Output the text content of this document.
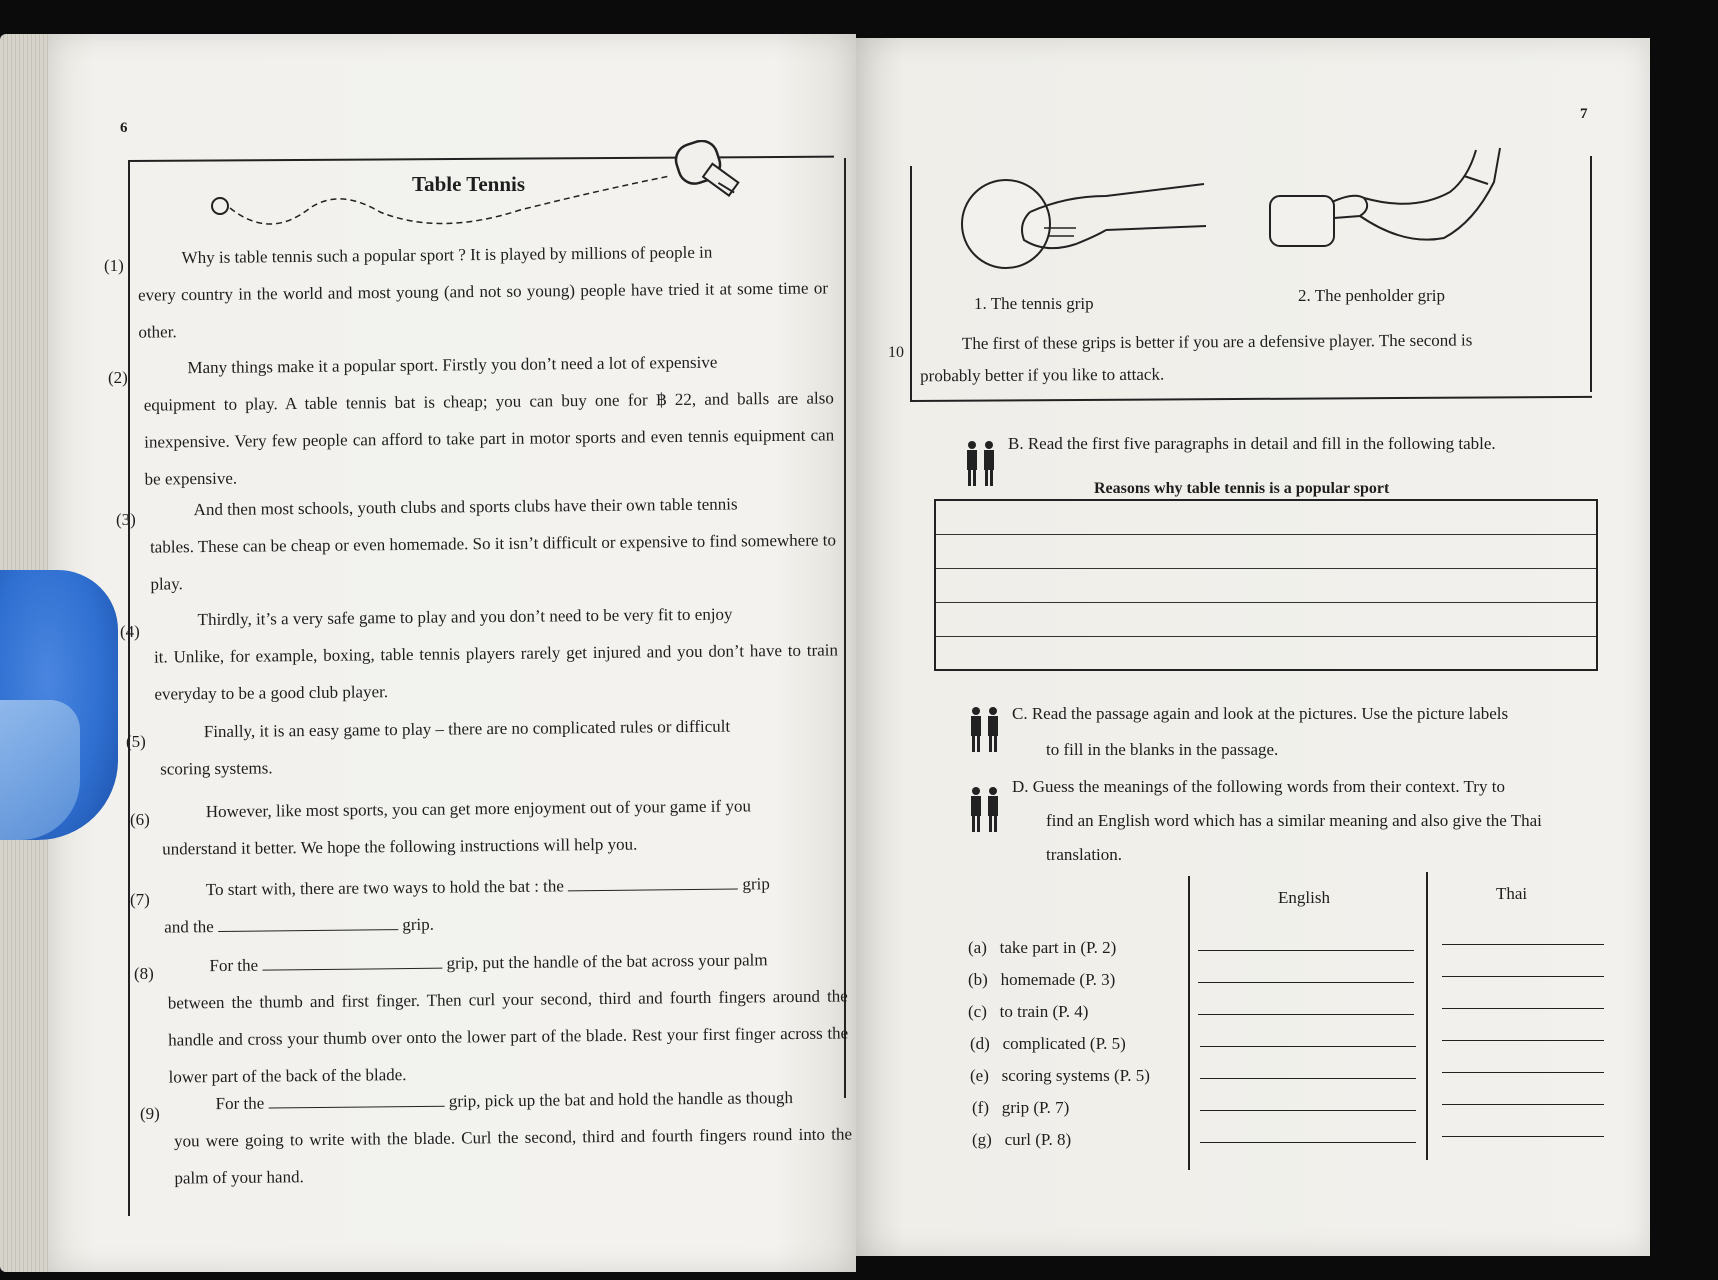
6
Table Tennis
(1)	Why is table tennis such a popular sport ? It is played by millions of people in
every country in the world and most young (and not so young) people have tried it at some time or other.
(2)
Many things make it a popular sport. Firstly you don’t need a lot of expensive
equipment to play. A table tennis bat is cheap; you can buy one for ฿ 22, and balls are also inexpensive. Very few people can afford to take part in motor sports and even tennis equipment can be expensive.
(3)
And then most schools, youth clubs and sports clubs have their own table tennis
tables. These can be cheap or even homemade. So it isn’t difficult or expensive to find somewhere to play.
(4)
Thirdly, it’s a very safe game to play and you don’t need to be very fit to enjoy
it. Unlike, for example, boxing, table tennis players rarely get injured and you don’t have to train everyday to be a good club player.
(5)
Finally, it is an easy game to play – there are no complicated rules or difficult
scoring systems.
(6)	However, like most sports, you can get more enjoyment out of your game if you
understand it better. We hope the following instructions will help you.
(7)
To start with, there are two ways to hold the bat : the	grip
and the	grip.
(8)	For the	grip, put the handle of the bat across your palm
between the thumb and first finger. Then curl your second, third and fourth fingers around the handle and cross your thumb over onto the lower part of the blade. Rest your first finger across the lower part of the back of the blade.
(9)
For the	grip, pick up the bat and hold the handle as though
you were going to write with the blade. Curl the second, third and fourth fingers round into the palm of your hand.
7
1. The tennis grip	2. The penholder grip
10	The first of these grips is better if you are a defensive player. The second is
probably better if you like to attack.
B. Read the first five paragraphs in detail and fill in the following table.
Reasons why table tennis is a popular sport
C. Read the passage again and look at the pictures. Use the picture labels
to fill in the blanks in the passage.
D. Guess the meanings of the following words from their context. Try to
find an English word which has a similar meaning and also give the Thai
translation.
English	Thai
(a) take part in (P. 2)
(b) homemade (P. 3)
(c) to train (P. 4)
(d) complicated (P. 5)
(e) scoring systems (P. 5)
(f) grip (P. 7)
(g) curl (P. 8)
